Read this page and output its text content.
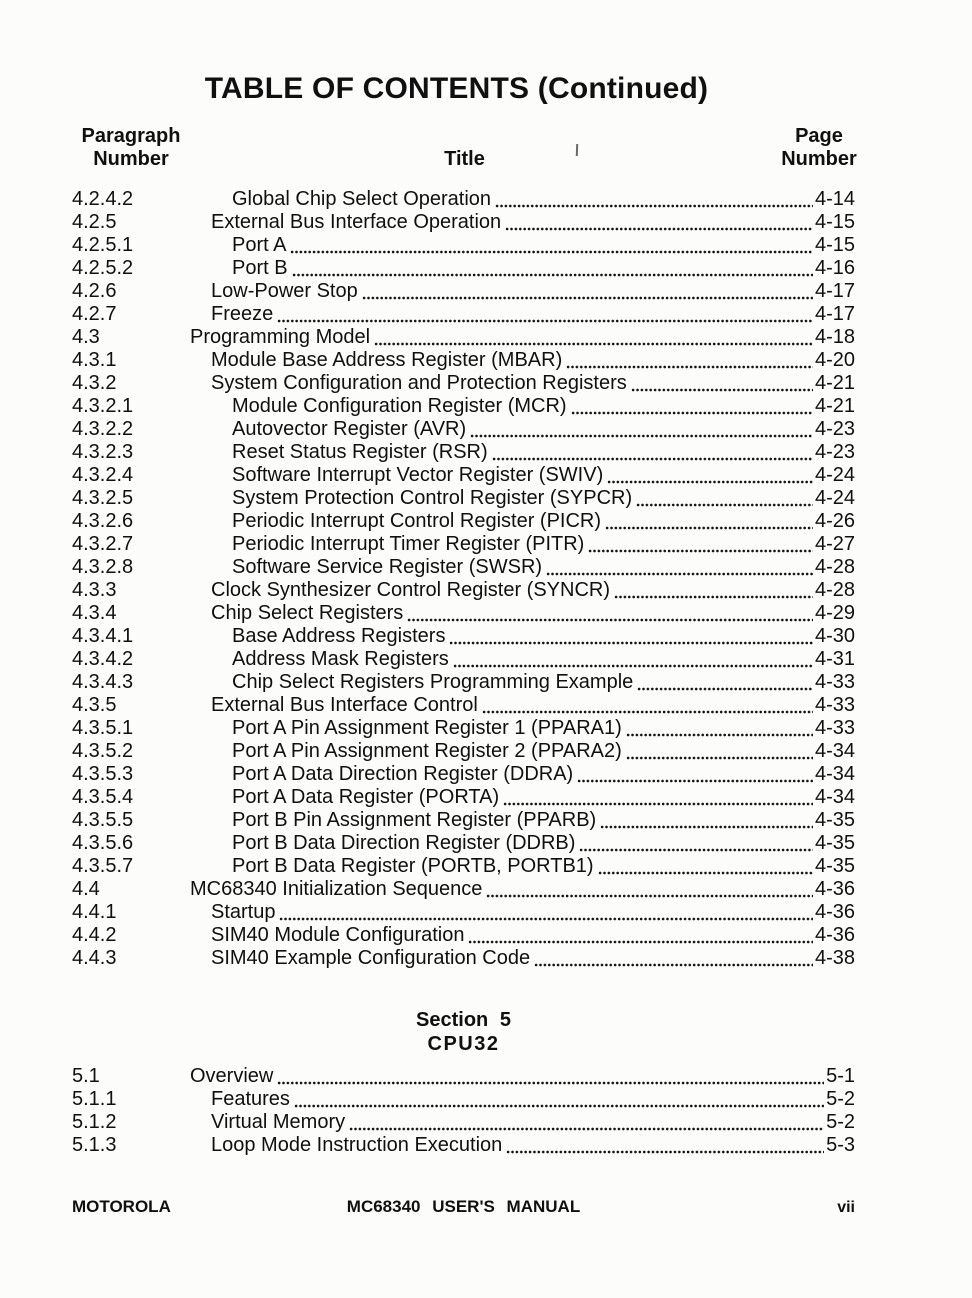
TABLE OF CONTENTS (Continued)
Paragraph
Number	Title
Page
Number
4.2.4.2	Global Chip Select Operation	4-14
4.2.5	External Bus Interface Operation	4-15
4.2.5.1	Port A	4-15
4.2.5.2	Port B	4-16
4.2.6	Low-Power Stop	4-17
4.2.7	Freeze	4-17
4.3	Programming Model	4-18
4.3.1	Module Base Address Register (MBAR)	4-20
4.3.2	System Configuration and Protection Registers	4-21
4.3.2.1	Module Configuration Register (MCR)	4-21
4.3.2.2	Autovector Register (AVR)	4-23
4.3.2.3	Reset Status Register (RSR)	4-23
4.3.2.4	Software Interrupt Vector Register (SWIV)	4-24
4.3.2.5	System Protection Control Register (SYPCR)	4-24
4.3.2.6	Periodic Interrupt Control Register (PICR)	4-26
4.3.2.7	Periodic Interrupt Timer Register (PITR)	4-27
4.3.2.8	Software Service Register (SWSR)	4-28
4.3.3	Clock Synthesizer Control Register (SYNCR)	4-28
4.3.4	Chip Select Registers	4-29
4.3.4.1	Base Address Registers	4-30
4.3.4.2	Address Mask Registers	4-31
4.3.4.3	Chip Select Registers Programming Example	4-33
4.3.5	External Bus Interface Control	4-33
4.3.5.1	Port A Pin Assignment Register 1 (PPARA1)	4-33
4.3.5.2	Port A Pin Assignment Register 2 (PPARA2)	4-34
4.3.5.3	Port A Data Direction Register (DDRA)	4-34
4.3.5.4	Port A Data Register (PORTA)	4-34
4.3.5.5	Port B Pin Assignment Register (PPARB)	4-35
4.3.5.6	Port B Data Direction Register (DDRB)	4-35
4.3.5.7	Port B Data Register (PORTB, PORTB1)	4-35
4.4	MC68340 Initialization Sequence	4-36
4.4.1	Startup	4-36
4.4.2	SIM40 Module Configuration	4-36
4.4.3	SIM40 Example Configuration Code	4-38
Section 5
CPU32
5.1	Overview	5-1
5.1.1	Features	5-2
5.1.2	Virtual Memory	5-2
5.1.3	Loop Mode Instruction Execution	5-3
MOTOROLA	MC68340 USER'S MANUAL	vii
